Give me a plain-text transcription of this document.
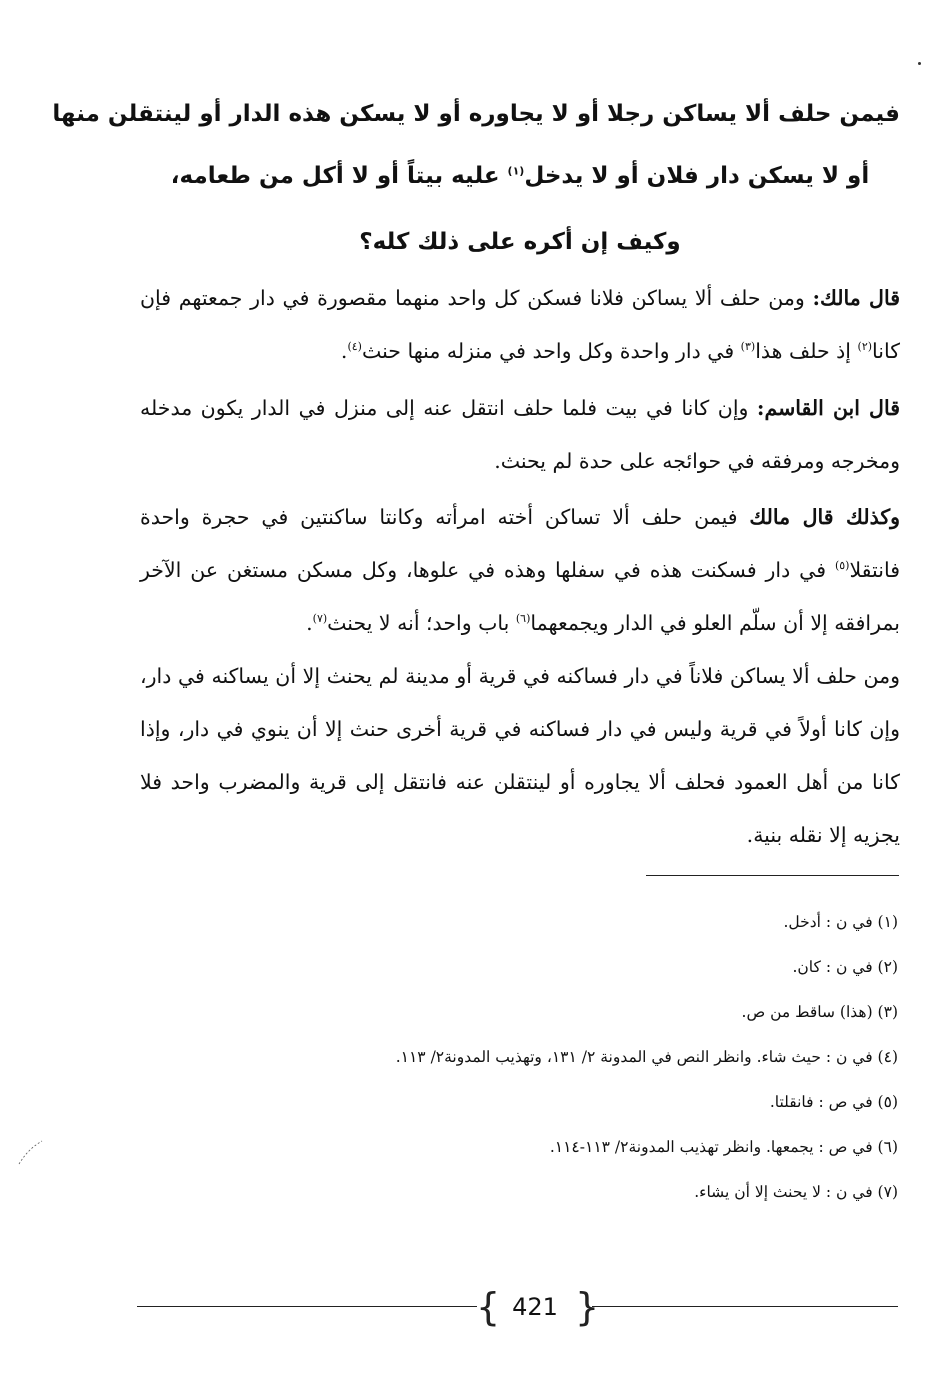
فيمن حلف ألا يساكن رجلا أو لا يجاوره أو لا يسكن هذه الدار أو لينتقلن منها
أو لا يسكن دار فلان أو لا يدخل$^{(١)}$ عليه بيتاً أو لا أكل من طعامه،
وكيف إن أكره على ذلك كله؟
قال مالك: ومن حلف ألا يساكن فلانا فسكن كل واحد منهما مقصورة في دار جمعتهم فإن كانا$^{(٢)}$ إذ حلف هذا$^{(٣)}$ في دار واحدة وكل واحد في منزله منها حنث$^{(٤)}$.
قال ابن القاسم: وإن كانا في بيت فلما حلف انتقل عنه إلى منزل في الدار يكون مدخله ومخرجه ومرفقه في حوائجه على حدة لم يحنث.
وكذلك قال مالك فيمن حلف ألا تساكن أخته امرأته وكانتا ساكنتين في حجرة واحدة فانتقلا$^{(٥)}$ في دار فسكنت هذه في سفلها وهذه في علوها، وكل مسكن مستغن عن الآخر بمرافقه إلا أن سلّم العلو في الدار ويجمعهما$^{(٦)}$ باب واحد؛ أنه لا يحنث$^{(٧)}$.
ومن حلف ألا يساكن فلاناً في دار فساكنه في قرية أو مدينة لم يحنث إلا أن يساكنه في دار، وإن كانا أولاً في قرية وليس في دار فساكنه في قرية أخرى حنث إلا أن ينوي في دار، وإذا كانا من أهل العمود فحلف ألا يجاوره أو لينتقلن عنه فانتقل إلى قرية والمضرب واحد فلا يجزيه إلا نقله بنية.
(١) في ن : أدخل.
(٢) في ن : كان.
(٣) (هذا) ساقط من ص.
(٤) في ن : حيث شاء. وانظر النص في المدونة ٢/ ١٣١، وتهذيب المدونة٢/ ١١٣.
(٥) في ص : فانقلتا.
(٦) في ص : يجمعها. وانظر تهذيب المدونة٢/ ١١٣-١١٤.
(٧) في ن : لا يحنث إلا أن يشاء.
{ 421 }
